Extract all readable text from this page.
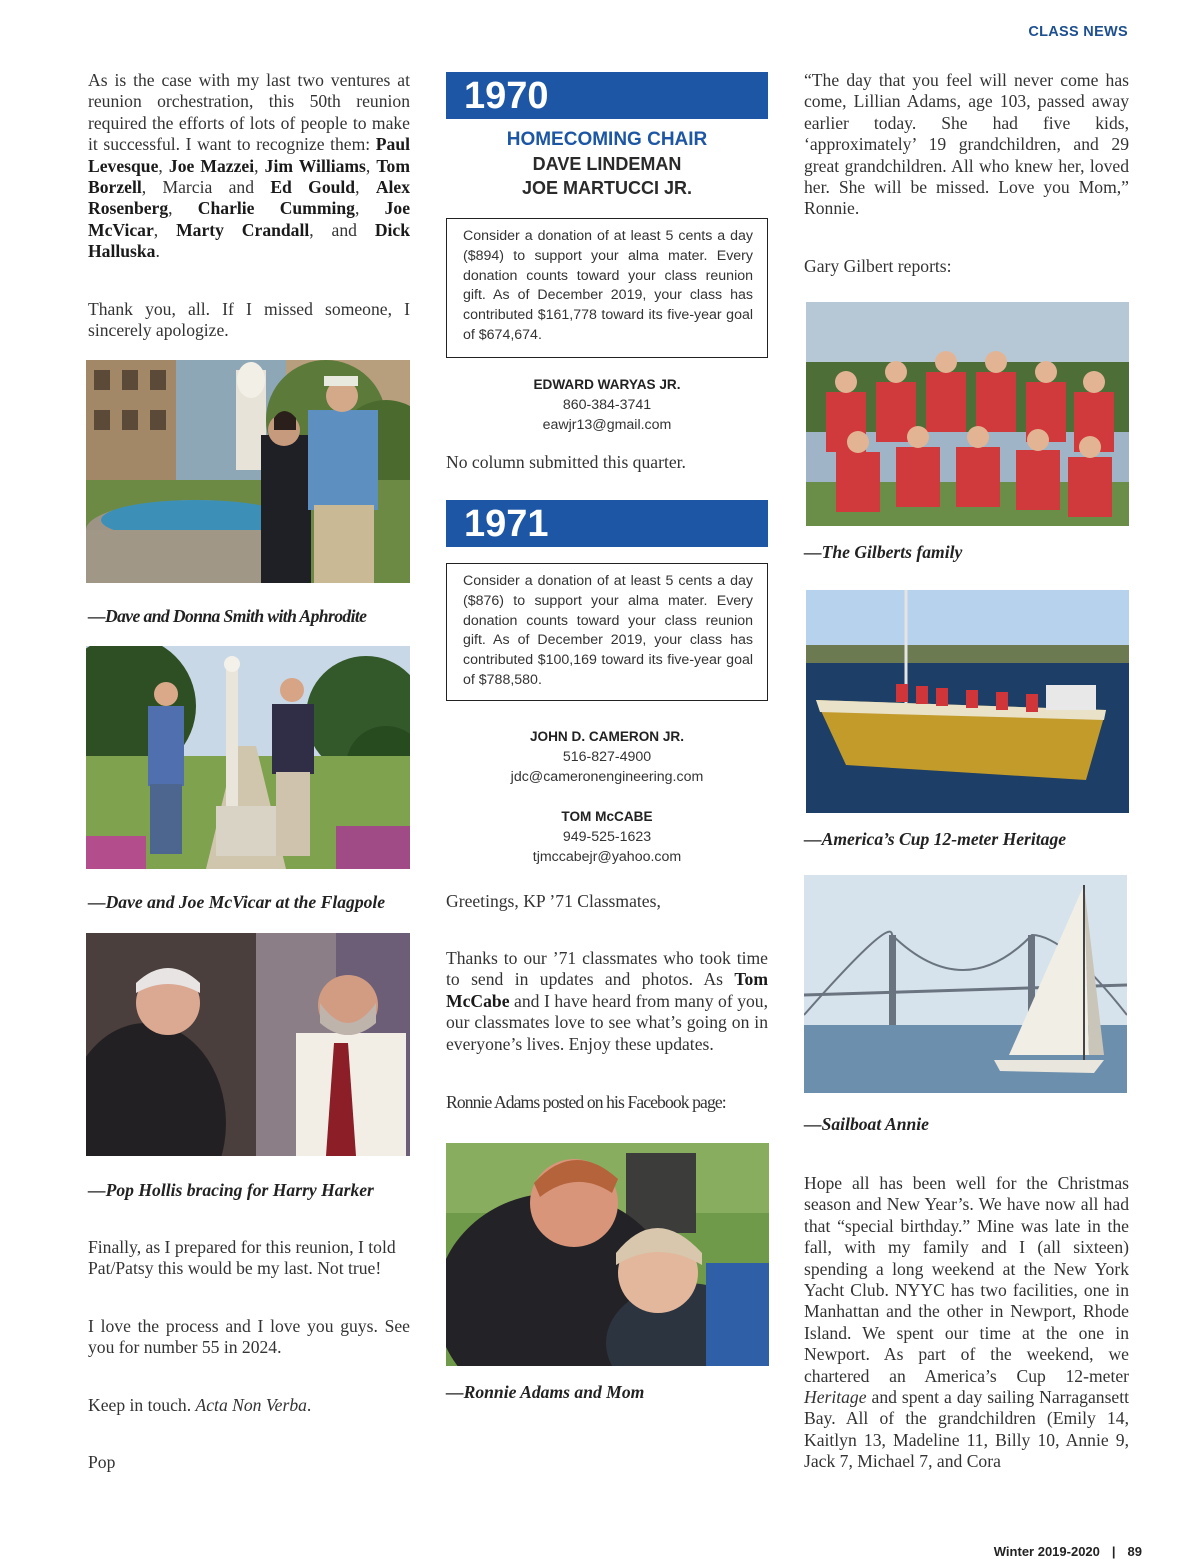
CLASS NEWS
Winter 2019-2020 | 89
As is the case with my last two ventures at reunion orchestration, this 50th reunion required the efforts of lots of people to make it successful. I want to recognize them: Paul Levesque, Joe Mazzei, Jim Williams, Tom Borzell, Marcia and Ed Gould, Alex Rosenberg, Charlie Cumming, Joe McVicar, Marty Crandall, and Dick Halluska.
Thank you, all. If I missed someone, I sincerely apologize.
—Dave and Donna Smith with Aphrodite
—Dave and Joe McVicar at the Flagpole
—Pop Hollis bracing for Harry Harker
Finally, as I prepared for this reunion, I told Pat/Patsy this would be my last. Not true!
I love the process and I love you guys. See you for number 55 in 2024.
Keep in touch. Acta Non Verba.
Pop
1970
HOMECOMING CHAIR
DAVE LINDEMAN
JOE MARTUCCI JR.
Consider a donation of at least 5 cents a day ($894) to support your alma mater. Every donation counts toward your class reunion gift. As of December 2019, your class has contributed $161,778 toward its five-year goal of $674,674.
EDWARD WARYAS JR.
860-384-3741
eawjr13@gmail.com
No column submitted this quarter.
1971
Consider a donation of at least 5 cents a day ($876) to support your alma mater. Every donation counts toward your class reunion gift. As of December 2019, your class has contributed $100,169 toward its five-year goal of $788,580.
JOHN D. CAMERON JR.
516-827-4900
jdc@cameronengineering.com
TOM McCABE
949-525-1623
tjmccabejr@yahoo.com
Greetings, KP ’71 Classmates,
Thanks to our ’71 classmates who took time to send in updates and photos. As Tom McCabe and I have heard from many of you, our classmates love to see what’s going on in everyone’s lives. Enjoy these updates.
Ronnie Adams posted on his Facebook page:
—Ronnie Adams and Mom
“The day that you feel will never come has come, Lillian Adams, age 103, passed away earlier today. She had five kids, ‘approximately’ 19 grandchildren, and 29 great grandchildren. All who knew her, loved her. She will be missed. Love you Mom,” Ronnie.
Gary Gilbert reports:
—The Gilberts family
—America’s Cup 12-meter Heritage
—Sailboat Annie
Hope all has been well for the Christmas season and New Year’s. We have now all had that “special birthday.” Mine was late in the fall, with my family and I (all sixteen) spending a long weekend at the New York Yacht Club. NYYC has two facilities, one in Manhattan and the other in Newport, Rhode Island. We spent our time at the one in Newport. As part of the weekend, we chartered an America’s Cup 12-meter Heritage and spent a day sailing Narragansett Bay. All of the grandchildren (Emily 14, Kaitlyn 13, Madeline 11, Billy 10, Annie 9, Jack 7, Michael 7, and Cora
